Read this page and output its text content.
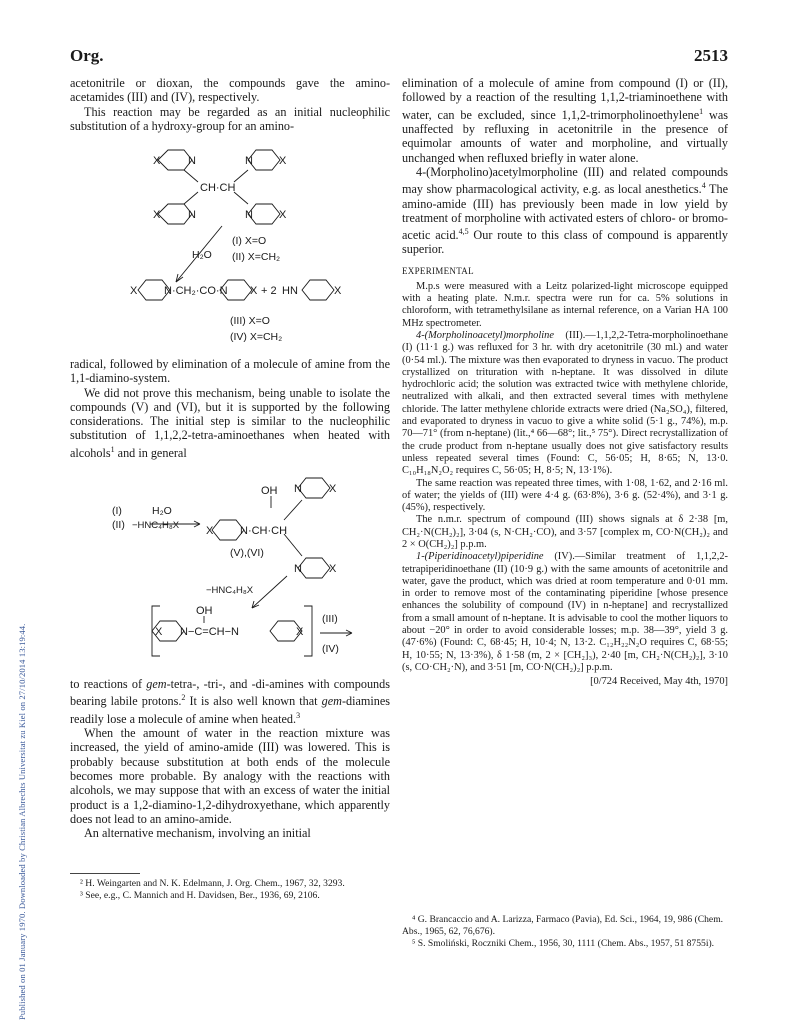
Published on 01 January 1970. Downloaded by Christian Albrechts Universitat zu Kiel on 27/10/2014 13:19:44.
Org.	2513

acetonitrile or dioxan, the compounds gave the amino-acetamides (III) and (IV), respectively.

This reaction may be regarded as an initial nucleophilic substitution of a hydroxy-group for an amino-

X	N	N X
CH·CH
X	N	N X
H₂O
(I) X=O
(II) X=CH₂
X N·CH₂·CO·N X + 2 HN	X
(III) X=O
(IV) X=CH₂

radical, followed by elimination of a molecule of amine from the 1,1-diamino-system.

We did not prove this mechanism, being unable to isolate the compounds (V) and (VI), but it is supported by the following considerations. The initial step is similar to the nucleophilic substitution of 1,1,2,2-tetra-aminoethanes when heated with alcohols$^1$ and in general

(I)	H₂O
(II) −HNC₄H₈X
OH
X N·CH·CH
N X
N X
(V),(VI)
−HNC₄H₈X
OH
X N−C=CH−N	X
(III)
(IV)

to reactions of gem-tetra-, -tri-, and -di-amines with compounds bearing labile protons.$^2$ It is also well known that gem-diamines readily lose a molecule of amine when heated.$^3$

When the amount of water in the reaction mixture was increased, the yield of amino-amide (III) was lowered. This is probably because substitution at both ends of the molecule becomes more probable. By analogy with the reactions with alcohols, we may suppose that with an excess of water the initial product is a 1,2-diamino-1,2-dihydroxyethane, which apparently does not lead to an amino-amide.

An alternative mechanism, involving an initial

² H. Weingarten and N. K. Edelmann, J. Org. Chem., 1967, 32, 3293.

³ See, e.g., C. Mannich and H. Davidsen, Ber., 1936, 69, 2106.

elimination of a molecule of amine from compound (I) or (II), followed by a reaction of the resulting 1,1,2-triaminoethene with water, can be excluded, since 1,1,2-trimorpholinoethylene$^1$ was unaffected by refluxing in acetonitrile in the presence of equimolar amounts of water and morpholine, and virtually unchanged when refluxed briefly in water alone.

4-(Morpholino)acetylmorpholine (III) and related compounds may show pharmacological activity, e.g. as local anesthetics.$^4$ The amino-amide (III) has previously been made in low yield by treatment of morpholine with activated esters of chloro- or bromo-acetic acid.$^{4,5}$ Our route to this class of compound is apparently superior.

EXPERIMENTAL

M.p.s were measured with a Leitz polarized-light microscope equipped with a heating plate. N.m.r. spectra were run for ca. 5% solutions in chloroform, with tetramethylsilane as internal reference, on a Varian HA 100 MHz spectrometer.

4-(Morpholinoacetyl)morpholine (III).—1,1,2,2-Tetra-morpholinoethane (I) (11·1 g.) was refluxed for 3 hr. with dry acetonitrile (30 ml.) and water (0·54 ml.). The mixture was then evaporated to dryness in vacuo. The product crystallized on trituration with n-heptane. It was dissolved in dilute hydrochloric acid; the solution was extracted twice with methylene chloride, neutralized with alkali, and then extracted several times with methylene chloride. The latter methylene chloride extracts were dried (Na₂SO₄), filtered, and evaporated to dryness in vacuo to give a white solid (5·1 g., 74%), m.p. 70—71° (from n-heptane) (lit.,⁴ 66—68°; lit.,⁵ 75°). Direct recrystallization of the crude product from n-heptane usually does not give satisfactory results unless repeated several times (Found: C, 56·05; H, 8·65; N, 13·0. C₁₀H₁₈N₂O₂ requires C, 56·05; H, 8·5; N, 13·1%).

The same reaction was repeated three times, with 1·08, 1·62, and 2·16 ml. of water; the yields of (III) were 4·4 g. (63·8%), 3·6 g. (52·4%), and 3·1 g. (45%), respectively.

The n.m.r. spectrum of compound (III) shows signals at δ 2·38 [m, CH₂·N(CH₂)₂], 3·04 (s, N·CH₂·CO), and 3·57 [complex m, CO·N(CH₂)₂ and 2 × O(CH₂)₂] p.p.m.

1-(Piperidinoacetyl)piperidine (IV).—Similar treatment of 1,1,2,2-tetrapiperidinoethane (II) (10·9 g.) with the same amounts of acetonitrile and water, gave the product, which was dried at room temperature and 0·01 mm. in order to remove most of the contaminating piperidine [whose presence enhances the solubility of compound (IV) in n-heptane] and recrystallized from a small amount of n-heptane. It is advisable to cool the mother liquors to about −20° in order to avoid considerable losses; m.p. 38—39°, yield 3 g. (47·6%) (Found: C, 68·45; H, 10·4; N, 13·2. C₁₂H₂₂N₂O requires C, 68·55; H, 10·55; N, 13·3%), δ 1·58 (m, 2 × [CH₂]₃), 2·40 [m, CH₂·N(CH₂)₂], 3·10 (s, CO·CH₂·N), and 3·51 [m, CO·N(CH₂)₂] p.p.m.

[0/724 Received, May 4th, 1970]

⁴ G. Brancaccio and A. Larizza, Farmaco (Pavia), Ed. Sci., 1964, 19, 986 (Chem. Abs., 1965, 62, 76,676).

⁵ S. Smoliński, Roczniki Chem., 1956, 30, 1111 (Chem. Abs., 1957, 51 8755i).
